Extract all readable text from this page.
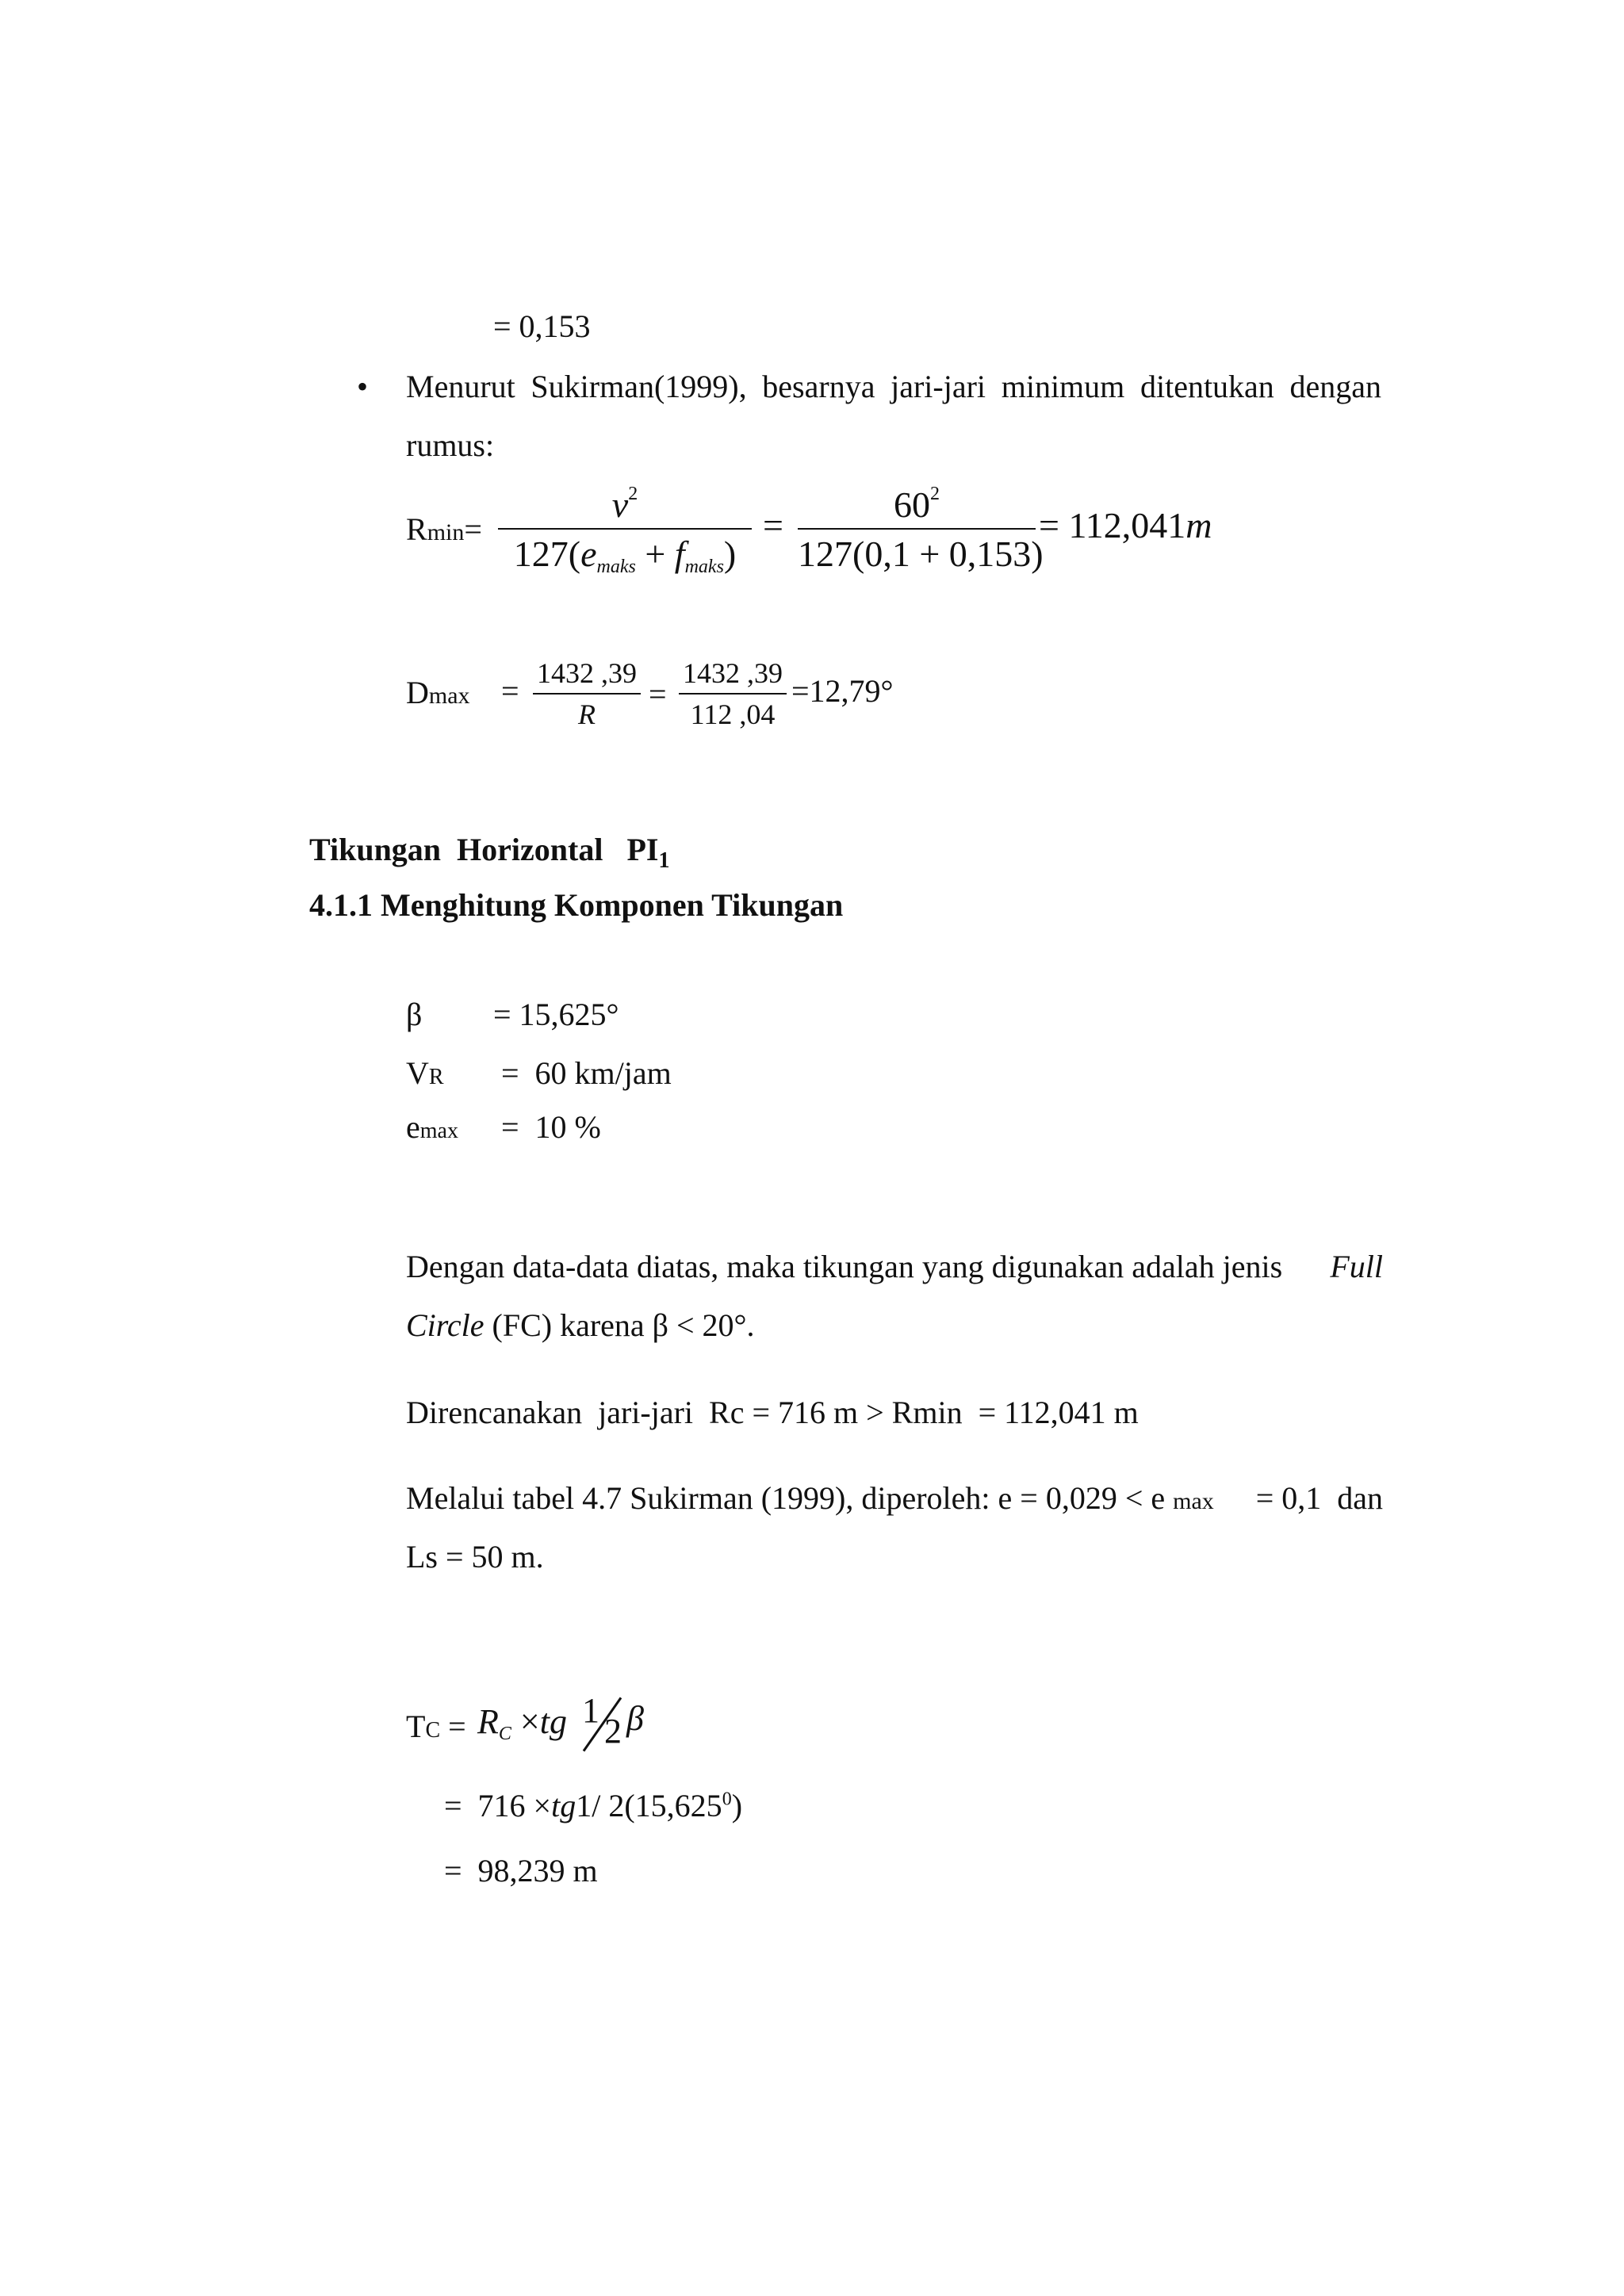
= 0,153
• Menurut Sukirman(1999), besarnya jari-jari minimum ditentukan dengan
rumus:
Rmin=
$v^2$
$127(e_{maks} + f_{maks})$
=
$60^2$
127(0,1 + 0,153)
= 112,041m
Dmax = 1432 ,39
R
=
1432 ,39
112 ,04
=12,79°
Tikungan  Horizontal   $PI_1$
4.1.1 Menghitung Komponen Tikungan
β = 15,625°
VR =  60 km/jam
emax =  10 %
Dengan data-data diatas, maka tikungan yang digunakan adalah jenis Full
Circle (FC) karena β < 20°.
Direncanakan  jari-jari  Rc = 716 m > Rmin  = 112,041 m
Melalui tabel 4.7 Sukirman (1999), diperoleh: e = 0,029 < e max = 0,1  dan
Ls = 50 m.
TC = $R_C \times tg$ 1
2 β
=  716 ×tg1/ $2(15,625^0)$
=  98,239 m
